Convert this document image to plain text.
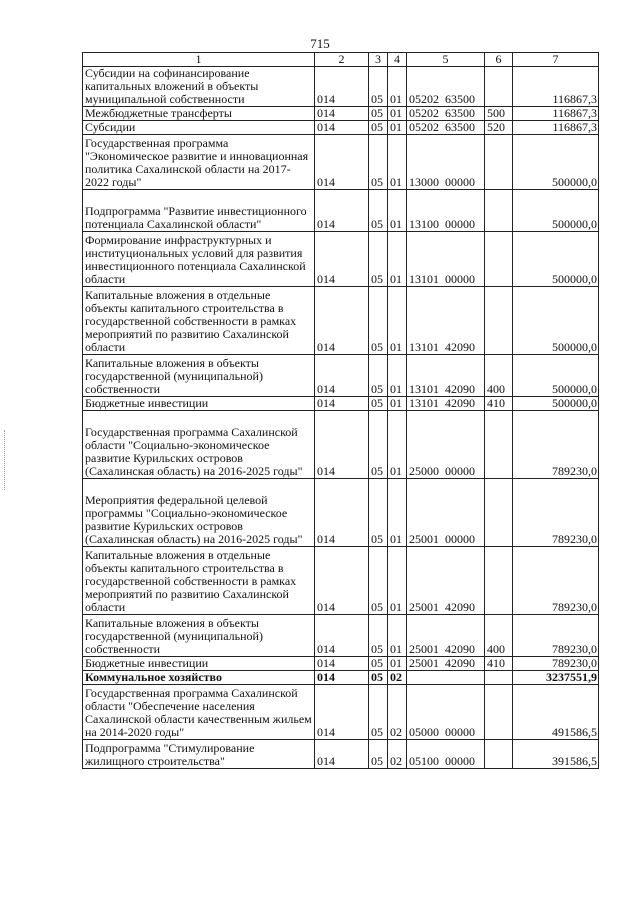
715
1	2	3	4	5	6	7
Субсидии на софинансирование капитальных вложений в объекты муниципальной собственности	014	05	01	05202  63500		116867,3
Межбюджетные трансферты	014	05	01	05202  63500	500	116867,3
Субсидии	014	05	01	05202  63500	520	116867,3
Государственная программа "Экономическое развитие и инновационная политика Сахалинской области на 2017-2022 годы"	014	05	01	13000  00000		500000,0
Подпрограмма "Развитие инвестиционного потенциала Сахалинской области"	014	05	01	13100  00000		500000,0
Формирование инфраструктурных и институциональных условий для развития инвестиционного потенциала Сахалинской области	014	05	01	13101  00000		500000,0
Капитальные вложения в отдельные объекты капитального строительства в государственной собственности в рамках мероприятий по развитию Сахалинской области	014	05	01	13101  42090		500000,0
Капитальные вложения в объекты государственной (муниципальной) собственности	014	05	01	13101  42090	400	500000,0
Бюджетные инвестиции	014	05	01	13101  42090	410	500000,0
Государственная программа Сахалинской области "Социально-экономическое развитие Курильских островов (Сахалинская область) на 2016-2025 годы"	014	05	01	25000  00000		789230,0
Мероприятия федеральной целевой программы "Социально-экономическое развитие Курильских островов (Сахалинская область) на 2016-2025 годы"	014	05	01	25001  00000		789230,0
Капитальные вложения в отдельные объекты капитального строительства в государственной собственности в рамках мероприятий по развитию Сахалинской области	014	05	01	25001  42090		789230,0
Капитальные вложения в объекты государственной (муниципальной) собственности	014	05	01	25001  42090	400	789230,0
Бюджетные инвестиции	014	05	01	25001  42090	410	789230,0
Коммунальное хозяйство	014	05	02			3237551,9
Государственная программа Сахалинской области "Обеспечение населения Сахалинской области качественным жильем на 2014-2020 годы"	014	05	02	05000  00000		491586,5
Подпрограмма "Стимулирование жилищного строительства"	014	05	02	05100  00000		391586,5
